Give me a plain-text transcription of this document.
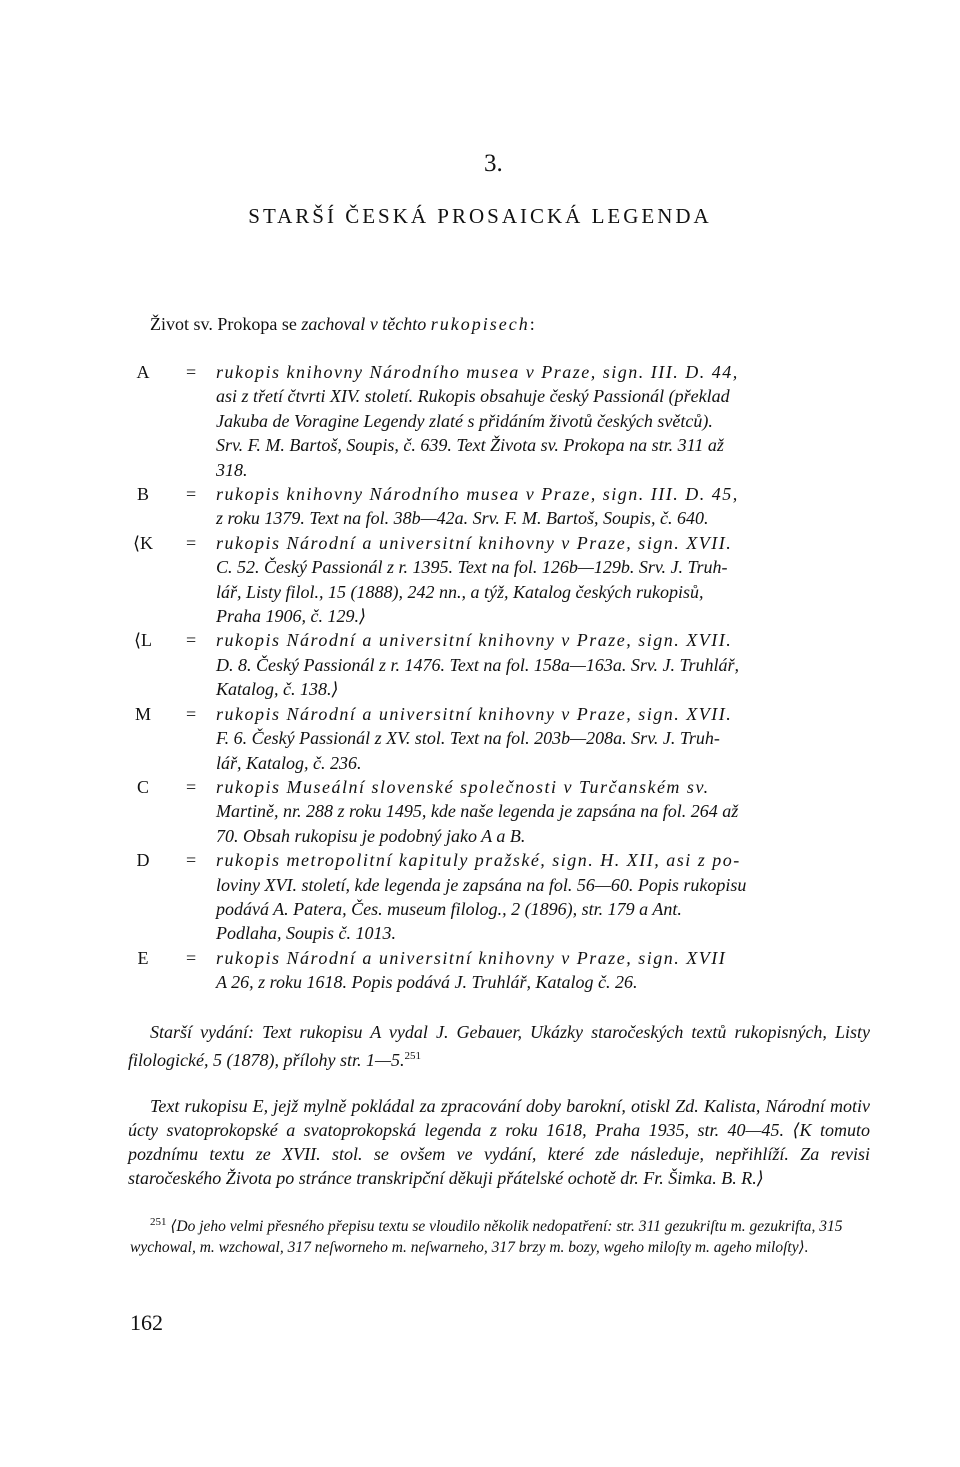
3.
STARŠÍ ČESKÁ PROSAICKÁ LEGENDA
Život sv. Prokopa se zachoval v těchto rukopisech:
A	= rukopis knihovny Národního musea v Praze, sign. III. D. 44,
asi z třetí čtvrti XIV. století. Rukopis obsahuje český Passionál (překlad
Jakuba de Voragine Legendy zlaté s přidáním životů českých světců).
Srv. F. M. Bartoš, Soupis, č. 639. Text Života sv. Prokopa na str. 311 až
318.
B	= rukopis knihovny Národního musea v Praze, sign. III. D. 45,
z roku 1379. Text na fol. 38b—42a. Srv. F. M. Bartoš, Soupis, č. 640.
⟨K = rukopis Národní a universitní knihovny v Praze, sign. XVII.
C. 52. Český Passionál z r. 1395. Text na fol. 126b—129b. Srv. J. Truh-
lář, Listy filol., 15 (1888), 242 nn., a týž, Katalog českých rukopisů,
Praha 1906, č. 129.⟩
⟨L = rukopis Národní a universitní knihovny v Praze, sign. XVII.
D. 8. Český Passionál z r. 1476. Text na fol. 158a—163a. Srv. J. Truhlář,
Katalog, č. 138.⟩
M = rukopis Národní a universitní knihovny v Praze, sign. XVII.
F. 6. Český Passionál z XV. stol. Text na fol. 203b—208a. Srv. J. Truh-
lář, Katalog, č. 236.
C	= rukopis Museální slovenské společnosti v Turčanském sv.
Martině, nr. 288 z roku 1495, kde naše legenda je zapsána na fol. 264 až
70. Obsah rukopisu je podobný jako A a B.
D	= rukopis metropolitní kapituly pražské, sign. H. XII, asi z po-
loviny XVI. století, kde legenda je zapsána na fol. 56—60. Popis rukopisu
podává A. Patera, Čes. museum filolog., 2 (1896), str. 179 a Ant.
Podlaha, Soupis č. 1013.
E	= rukopis Národní a universitní knihovny v Praze, sign. XVII
A 26, z roku 1618. Popis podává J. Truhlář, Katalog č. 26.

Starší vydání: Text rukopisu A vydal J. Gebauer, Ukázky staročeských textů rukopisných, Listy filologické, 5 (1878), přílohy str. 1—5.$^{251}$

Text rukopisu E, jejž mylně pokládal za zpracování doby barokní, otiskl Zd. Kalista, Národní motiv úcty svatoprokopské a svatoprokopská legenda z roku 1618, Praha 1935, str. 40—45. ⟨K tomuto pozdnímu textu ze XVII. stol. se ovšem ve vydání, které zde následuje, nepřihlíží. Za revisi staročeského Života po stránce transkripční děkuji přátelské ochotě dr. Fr. Šimka. B. R.⟩

$^{251}$ ⟨Do jeho velmi přesného přepisu textu se vloudilo několik nedopatření: str. 311 gezukriſtu m. gezukrifta, 315 wychowal, m. wzchowal, 317 neſworneho m. neſwarneho, 317 brzy m. bozy, wgeho miloſty m. ageho miloſty⟩.
162
